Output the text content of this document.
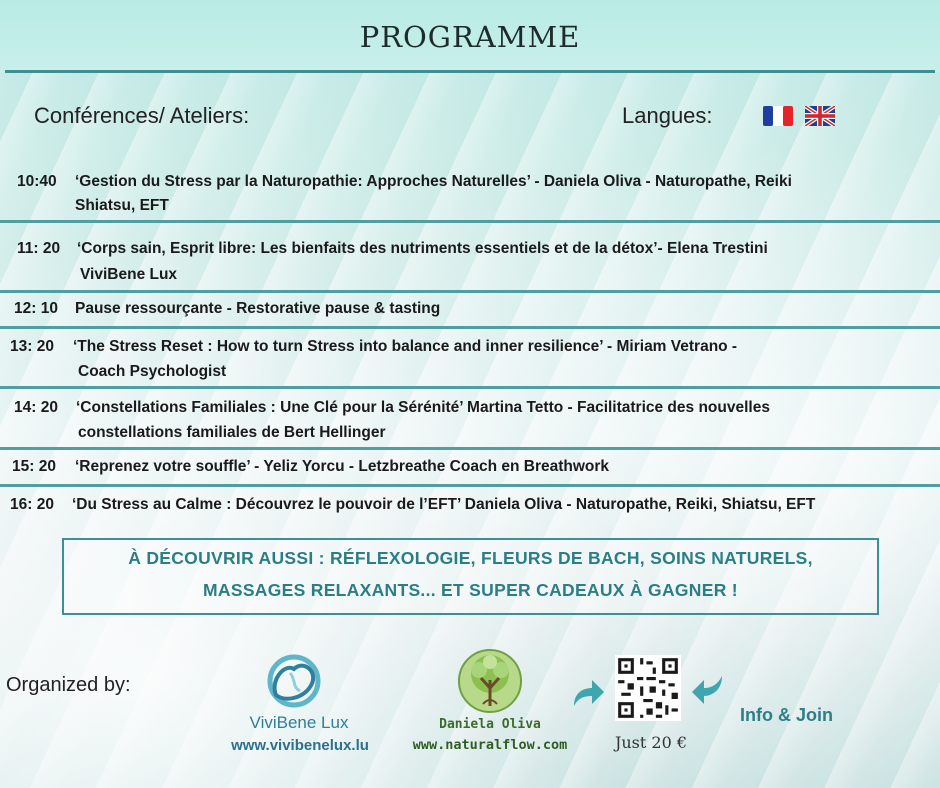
PROGRAMME
Conférences/ Ateliers:	Langues:
10:40 ‘Gestion du Stress par la Naturopathie: Approches Naturelles’ - Daniela Oliva - Naturopathe, Reiki
Shiatsu, EFT
11: 20 ‘Corps sain, Esprit libre: Les bienfaits des nutriments essentiels et de la détox’- Elena Trestini
ViviBene Lux
12: 10 Pause ressourçante - Restorative pause & tasting
13: 20 ‘The Stress Reset : How to turn Stress into balance and inner resilience’ - Miriam Vetrano -
Coach Psychologist
14: 20 ‘Constellations Familiales : Une Clé pour la Sérénité’ Martina Tetto - Facilitatrice des nouvelles
constellations familiales de Bert Hellinger
15: 20 ‘Reprenez votre souffle’ - Yeliz Yorcu - Letzbreathe Coach en Breathwork
16: 20 ‘Du Stress au Calme : Découvrez le pouvoir de l’EFT’ Daniela Oliva - Naturopathe, Reiki, Shiatsu, EFT
À DÉCOUVRIR AUSSI : RÉFLEXOLOGIE, FLEURS DE BACH, SOINS NATURELS,
MASSAGES RELAXANTS... ET SUPER CADEAUX À GAGNER !
Organized by:
ViviBene Lux
www.vivibenelux.lu
Daniela Oliva
www.naturalflow.com	Just 20 €
Info & Join
